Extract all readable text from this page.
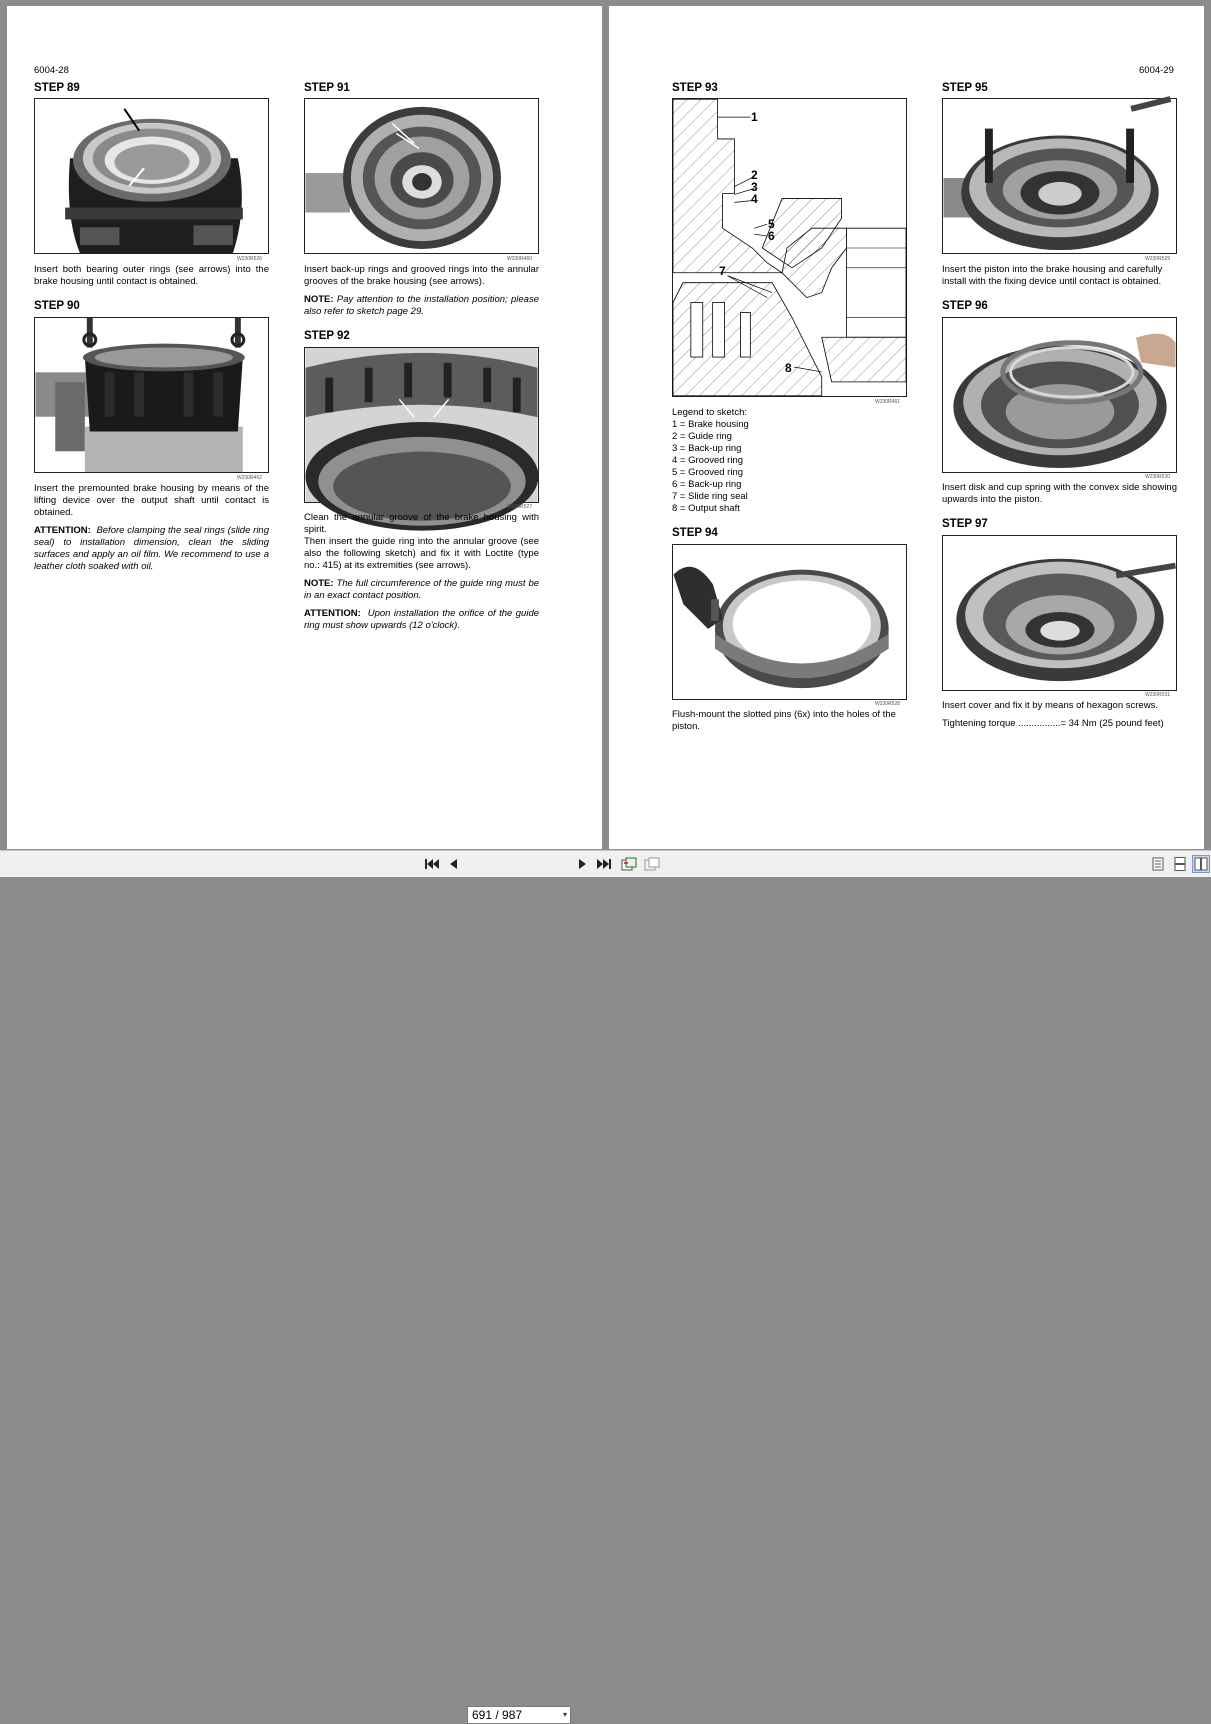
6004-28
STEP 89
W230R526
Insert both bearing outer rings (see arrows) into the brake housing until contact is obtained.
STEP 90
W230R462

Insert the premounted brake housing by means of the lifting device over the output shaft until contact is obtained.

ATTENTION: Before clamping the seal rings (slide ring seal) to installation dimension, clean the sliding surfaces and apply an oil film. We recommend to use a leather cloth soaked with oil.

STEP 91
W230R460

Insert back-up rings and grooved rings into the annular grooves of the brake housing (see arrows).

NOTE: Pay attention to the installation position; please also refer to sketch page 29.

STEP 92
W230R527

Clean the annular groove of the brake housing with spirit.

Then insert the guide ring into the annular groove (see also the following sketch) and fix it with Loctite (type no.: 415) at its extremities (see arrows).

NOTE: The full circumference of the guide ring must be in an exact contact position.

ATTENTION: Upon installation the orifice of the guide ring must show upwards (12 o'clock).

6004-29
STEP 93
1
2
3
4
5
6
7
8
W230R461
Legend to sketch:
1 = Brake housing
2 = Guide ring
3 = Back-up ring
4 = Grooved ring
5 = Grooved ring
6 = Back-up ring
7 = Slide ring seal
8 = Output shaft
STEP 94
W230R528
Flush-mount the slotted pins (6x) into the holes of the piston.
STEP 95
W230R529
Insert the piston into the brake housing and carefully install with the fixing device until contact is obtained.
STEP 96
W230R530
Insert disk and cup spring with the convex side showing upwards into the piston.
STEP 97
W230R531

Insert cover and fix it by means of hexagon screws.

Tightening torque ................= 34 Nm (25 pound feet)

691 / 987	▾
